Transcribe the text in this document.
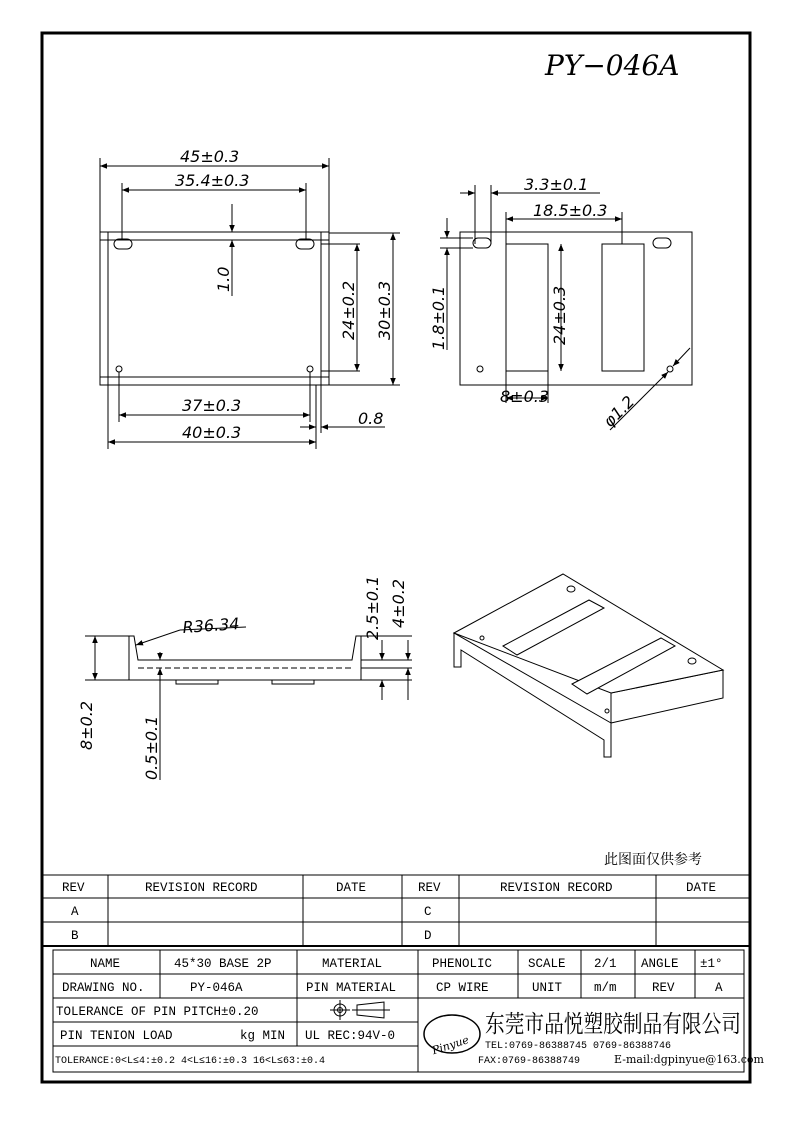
PY−046A
45±0.3
35.4±0.3
1.0
24±0.2 30±0.3
37±0.3
40±0.3
0.8
3.3±0.1
18.5±0.3
1.8±0.1	24±0.3
8±0.3	φ1.2
R36.34	2.5±0.1 4±0.2
8±0.2	0.5±0.1
此图面仅供参考
REV	REVISION RECORD	DATE	REV	REVISION RECORD	DATE
A	C
B	D
NAME	45*30 BASE 2P	MATERIAL	PHENOLIC	SCALE 2/1 ANGLE ±1°
DRAWING NO.	PY-046A	PIN MATERIAL	CP WIRE	UNIT	m/m	REV	A
TOLERANCE OF PIN PITCH±0.20
PIN TENION LOAD	kg MIN UL REC:94V-0
TOLERANCE:0<L≤4:±0.2 4<L≤16:±0.3 16<L≤63:±0.4
Pinyue
东莞市品悦塑胶制品有限公司
TEL:0769-86388745 0769-86388746
FAX:0769-86388749	E-mail:dgpinyue@163.com
